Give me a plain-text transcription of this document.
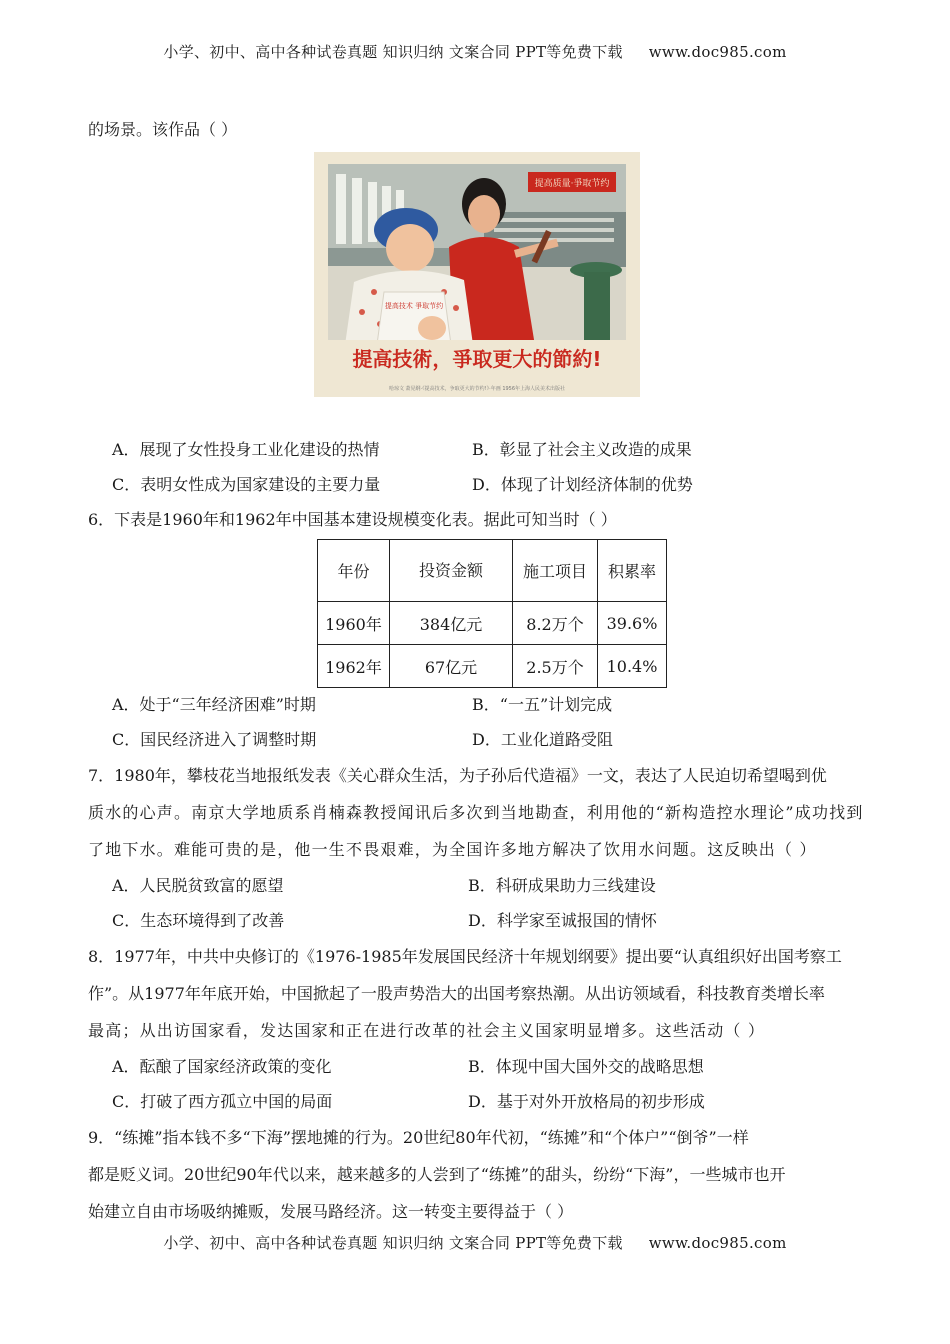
小学、初中、高中各种试卷真题 知识归纳 文案合同 PPT等免费下载 www.doc985.com
的场景。该作品（ ）
提高质量·爭取节约
提高技术 爭取节约
提高技術，爭取更大的節約!
哈琼文 萧见纲·《提高技术，争取更大的节约!》·年画 1956年上海人民美术出版社
A．展现了女性投身工业化建设的热情	B．彰显了社会主义改造的成果
C．表明女性成为国家建设的主要力量	D．体现了计划经济体制的优势
6．下表是1960年和1962年中国基本建设规模变化表。据此可知当时（ ）
年份	投资金额	施工项目	积累率
1960年	384亿元	8.2万个	39.6%
1962年	67亿元	2.5万个	10.4%
A．处于“三年经济困难”时期	B．“一五”计划完成
C．国民经济进入了调整时期	D．工业化道路受阻
7．1980年，攀枝花当地报纸发表《关心群众生活，为子孙后代造福》一文，表达了人民迫切希望喝到优
质水的心声。南京大学地质系肖楠森教授闻讯后多次到当地勘查，利用他的“新构造控水理论”成功找到
了地下水。难能可贵的是，他一生不畏艰难，为全国许多地方解决了饮用水问题。这反映出（ ）
A．人民脱贫致富的愿望	B．科研成果助力三线建设
C．生态环境得到了改善	D．科学家至诚报国的情怀
8．1977年，中共中央修订的《1976-1985年发展国民经济十年规划纲要》提出要“认真组织好出国考察工
作”。从1977年年底开始，中国掀起了一股声势浩大的出国考察热潮。从出访领域看，科技教育类增长率
最高；从出访国家看，发达国家和正在进行改革的社会主义国家明显增多。这些活动（ ）
A．酝酿了国家经济政策的变化	B．体现中国大国外交的战略思想
C．打破了西方孤立中国的局面	D．基于对外开放格局的初步形成
9．“练摊”指本钱不多“下海”摆地摊的行为。20世纪80年代初，“练摊”和“个体户”“倒爷”一样
都是贬义词。20世纪90年代以来，越来越多的人尝到了“练摊”的甜头，纷纷“下海”，一些城市也开
始建立自由市场吸纳摊贩，发展马路经济。这一转变主要得益于（ ）
小学、初中、高中各种试卷真题 知识归纳 文案合同 PPT等免费下载 www.doc985.com
